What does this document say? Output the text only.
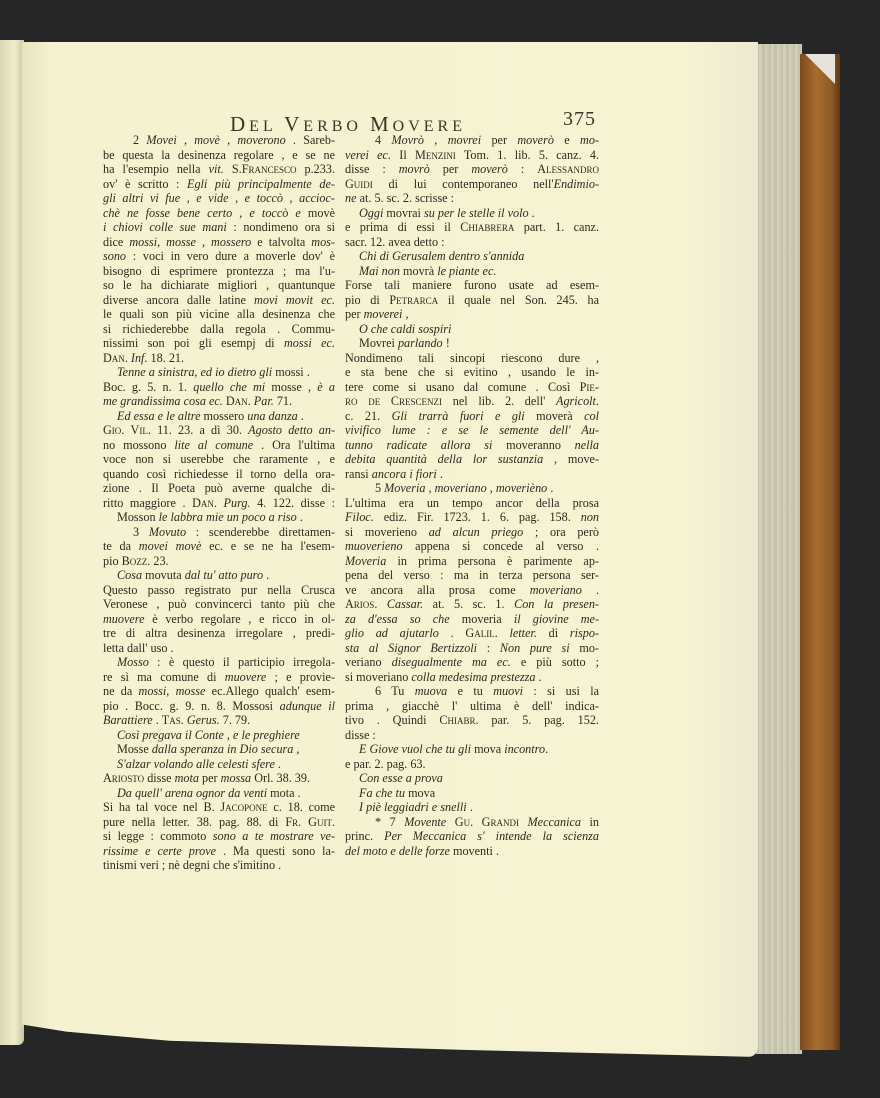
DEL VERBO MOVERE	375
2 Movei , movè , moverono . Sareb-
be questa la desinenza regolare , e se ne
ha l'esempio nella vit. S.Francesco p.233.
ov' è scritto : Egli più principalmente de-
gli altri vi fue , e vide , e toccò , accioc-
chè ne fosse bene certo , e toccò e movè
i chiovi colle sue mani : nondimeno ora si
dice mossi, mosse , mossero e talvolta mos-
sono : voci in vero dure a moverle dov' è
bisogno di esprimere prontezza ; ma l'u-
so le ha dichiarate migliori , quantunque
diverse ancora dalle latine movi movit ec.
le quali son più vicine alla desinenza che
si richiederebbe dalla regola . Commu-
nissimi son poi gli esempj di mossi ec.
Dan. Inf. 18. 21.
Tenne a sinistra, ed io dietro gli mossi .
Boc. g. 5. n. 1. quello che mi mosse , è a
me grandissima cosa ec. Dan. Par. 71.
Ed essa e le altre mossero una danza .
Gio. Vil. 11. 23. a dì 30. Agosto detto an-
no mossono lite al comune . Ora l'ultima
voce non si userebbe che raramente , e
quando così richiedesse il torno della ora-
zione . Il Poeta può averne qualche di-
ritto maggiore . Dan. Purg. 4. 122. disse :
Mosson le labbra mie un poco a riso .
3 Movuto : scenderebbe direttamen-
te da movei movè ec. e se ne ha l'esem-
pio Bozz. 23.
Cosa movuta dal tu' atto puro .
Questo passo registrato pur nella Crusca
Veronese , può convincerci tanto più che
muovere è verbo regolare , e ricco in ol-
tre di altra desinenza irregolare , predi-
letta dall' uso .
Mosso : è questo il participio irregola-
re sì ma comune di muovere ; e provie-
ne da mossi, mosse ec.Allego qualch' esem-
pio . Bocc. g. 9. n. 8. Mossosi adunque il
Barattiere . Tas. Gerus. 7. 79.
Così pregava il Conte , e le preghiere
Mosse dalla speranza in Dio secura ,
S'alzar volando alle celesti sfere .
Ariosto disse mota per mossa Orl. 38. 39.
Da quell' arena ognor da venti mota .
Si ha tal voce nel B. Jacopone c. 18. come
pure nella letter. 38. pag. 88. di Fr. Guit.
si legge : commoto sono a te mostrare ve-
rissime e certe prove . Ma questi sono la-
tinismi veri ; nè degni che s'imitino .
4 Movrò , movrei per moverò e mo-
verei ec. Il Menzini Tom. 1. lib. 5. canz. 4.
disse : movrò per moverò : Alessandro
Guidi di lui contemporaneo nell'Endimio-
ne at. 5. sc. 2. scrisse :
Oggi movrai su per le stelle il volo .
e prima di essi il Chiabrera part. 1. canz.
sacr. 12. avea detto :
Chi di Gerusalem dentro s'annida
Mai non movrà le piante ec.
Forse tali maniere furono usate ad esem-
pio di Petrarca il quale nel Son. 245. ha
per moverei ,
O che caldi sospiri
Movrei parlando !
Nondimeno tali sincopi riescono dure ,
e sta bene che si evitino , usando le in-
tere come si usano dal comune . Così Pie-
ro de Crescenzi nel lib. 2. dell' Agricolt.
c. 21. Gli trarrà fuori e gli moverà col
vivifico lume : e se le semente dell' Au-
tunno radicate allora si moveranno nella
debita quantità della lor sustanzia , move-
ransi ancora i fiori .
5 Moveria , moveriano , moverièno .
L'ultima era un tempo ancor della prosa
Filoc. ediz. Fir. 1723. 1. 6. pag. 158. non
si moverieno ad alcun priego ; ora però
muoverieno appena si concede al verso .
Moveria in prima persona è parimente ap-
pena del verso : ma in terza persona ser-
ve ancora alla prosa come moveriano .
Arios. Cassar. at. 5. sc. 1. Con la presen-
za d'essa so che moveria il giovine me-
glio ad ajutarlo . Galil. letter. di rispo-
sta al Signor Bertizzoli : Non pure si mo-
veriano disegualmente ma ec. e più sotto ;
si moveriano colla medesima prestezza .
6 Tu muova e tu muovi : si usi la
prima , giacchè l' ultima è dell' indica-
tivo . Quindi Chiabr. par. 5. pag. 152.
disse :
E Giove vuol che tu gli mova incontro.
e par. 2. pag. 63.
Con esse a prova
Fa che tu mova
I piè leggiadri e snelli .
* 7 Movente Gu. Grandi Meccanica in
princ. Per Meccanica s' intende la scienza
del moto e delle forze moventi .
